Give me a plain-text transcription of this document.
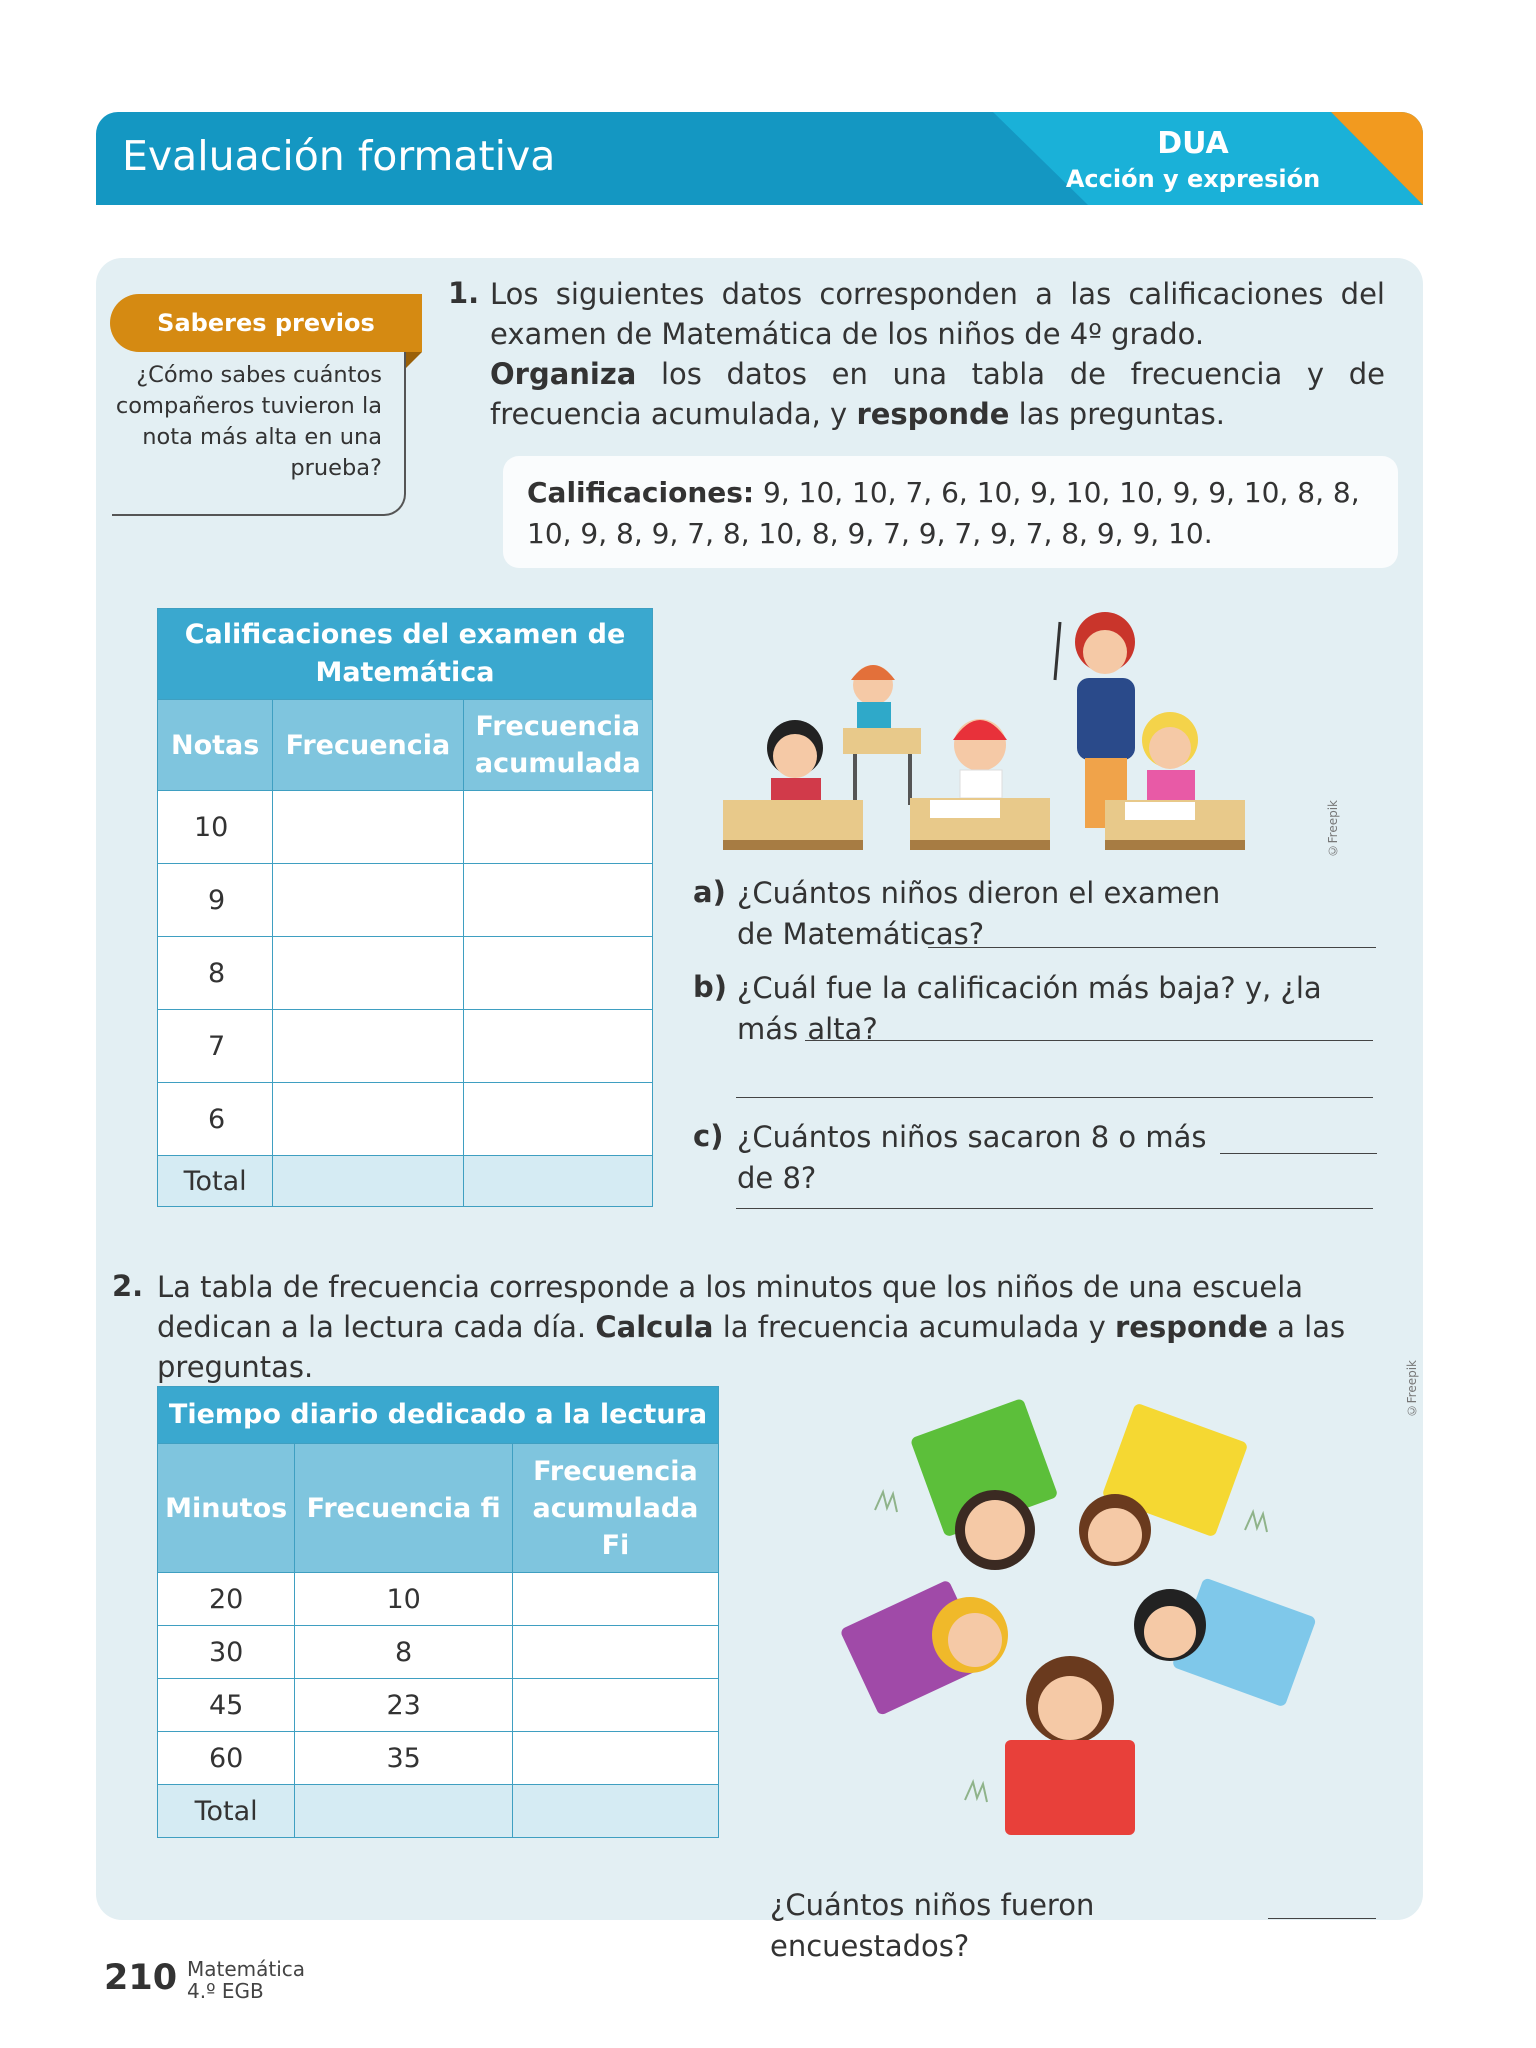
Evaluación formativa	DUA
Acción y expresión
Saberes previos
¿Cómo sabes cuántos compañeros tuvieron la nota más alta en una prueba?
1. Los siguientes datos corresponden a las calificaciones del examen de Matemática de los niños de 4º grado.
Organiza los datos en una tabla de frecuencia y de frecuencia acumulada, y responde las preguntas.
Calificaciones: 9, 10, 10, 7, 6, 10, 9, 10, 10, 9, 9, 10, 8, 8, 10, 9, 8, 9, 7, 8, 10, 8, 9, 7, 9, 7, 9, 7, 8, 9, 9, 10.
Calificaciones del examen de Matemática		
Notas	Frecuencia	Frecuencia acumulada
10		
9		
8		
7		
6		
Total		
©Freepik
a) ¿Cuántos niños dieron el examen de Matemáticas?
b) ¿Cuál fue la calificación más baja? y, ¿la más alta?
c) ¿Cuántos niños sacaron 8 o más de 8?
2. La tabla de frecuencia corresponde a los minutos que los niños de una escuela dedican a la lectura cada día. Calcula la frecuencia acumulada y responde a las preguntas.
Tiempo diario dedicado a la lectura		
Minutos	Frecuencia fi	Frecuencia acumulada Fi
20	10	
30	8	
45	23	
60	35	
Total		
©Freepik
¿Cuántos niños fueron encuestados?
210 Matemática
4.º EGB
